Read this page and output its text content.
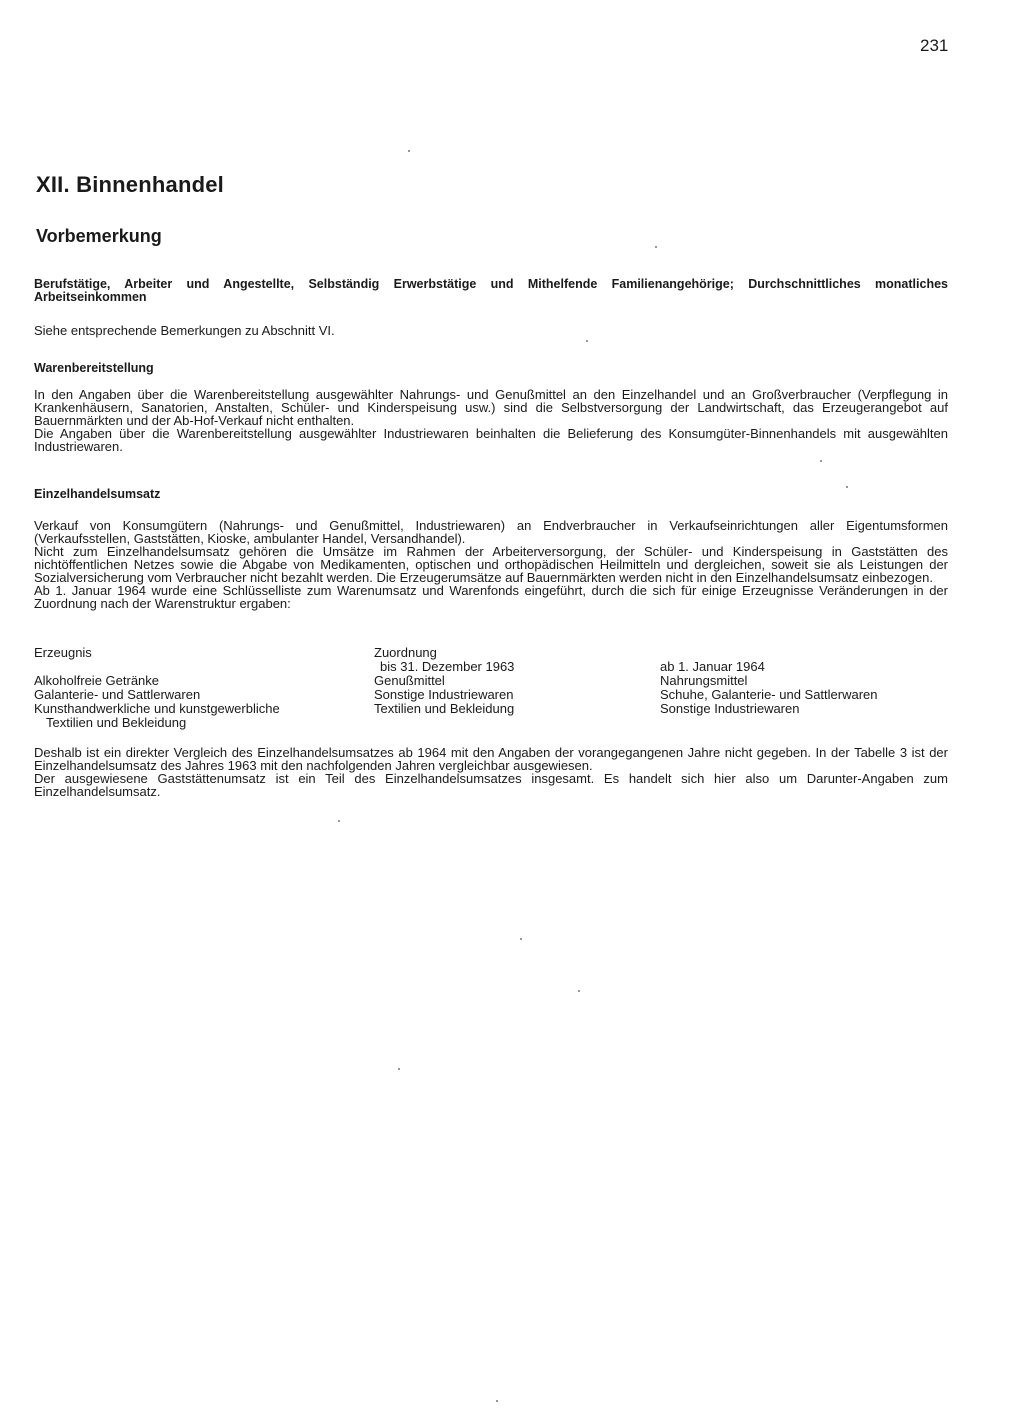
231
XII. Binnenhandel
Vorbemerkung

Berufstätige, Arbeiter und Angestellte, Selbständig Erwerbstätige und Mithelfende Familienangehörige; Durchschnittliches monatliches Arbeitseinkommen

Siehe entsprechende Bemerkungen zu Abschnitt VI.

Warenbereitstellung

In den Angaben über die Warenbereitstellung ausgewählter Nahrungs- und Genußmittel an den Einzelhandel und an Großverbraucher (Verpflegung in Krankenhäusern, Sanatorien, Anstalten, Schüler- und Kinderspeisung usw.) sind die Selbstversorgung der Landwirtschaft, das Erzeugerangebot auf Bauernmärkten und der Ab-Hof-Verkauf nicht enthalten.

Die Angaben über die Warenbereitstellung ausgewählter Industriewaren beinhalten die Belieferung des Konsumgüter-Binnenhandels mit ausgewählten Industriewaren.

Einzelhandelsumsatz

Verkauf von Konsumgütern (Nahrungs- und Genußmittel, Industriewaren) an Endverbraucher in Verkaufseinrichtungen aller Eigentumsformen (Verkaufsstellen, Gaststätten, Kioske, ambulanter Handel, Versandhandel).

Nicht zum Einzelhandelsumsatz gehören die Umsätze im Rahmen der Arbeiterversorgung, der Schüler- und Kinderspeisung in Gaststätten des nichtöffentlichen Netzes sowie die Abgabe von Medikamenten, optischen und orthopädischen Heilmitteln und dergleichen, soweit sie als Leistungen der Sozialversicherung vom Verbraucher nicht bezahlt werden. Die Erzeugerumsätze auf Bauernmärkten werden nicht in den Einzelhandelsumsatz einbezogen.

Ab 1. Januar 1964 wurde eine Schlüsselliste zum Warenumsatz und Warenfonds eingeführt, durch die sich für einige Erzeugnisse Veränderungen in der Zuordnung nach der Warenstruktur ergaben:

Erzeugnis
Alkoholfreie Getränke
Galanterie- und Sattlerwaren
Kunsthandwerkliche und kunstgewerbliche
Textilien und Bekleidung
Zuordnung
bis 31. Dezember 1963
Genußmittel
Sonstige Industriewaren
Textilien und Bekleidung
ab 1. Januar 1964
Nahrungsmittel
Schuhe, Galanterie- und Sattlerwaren
Sonstige Industriewaren

Deshalb ist ein direkter Vergleich des Einzelhandelsumsatzes ab 1964 mit den Angaben der vorangegangenen Jahre nicht gegeben. In der Tabelle 3 ist der Einzelhandelsumsatz des Jahres 1963 mit den nachfolgenden Jahren vergleichbar ausgewiesen.

Der ausgewiesene Gaststättenumsatz ist ein Teil des Einzelhandelsumsatzes insgesamt. Es handelt sich hier also um Darunter-Angaben zum Einzelhandelsumsatz.
